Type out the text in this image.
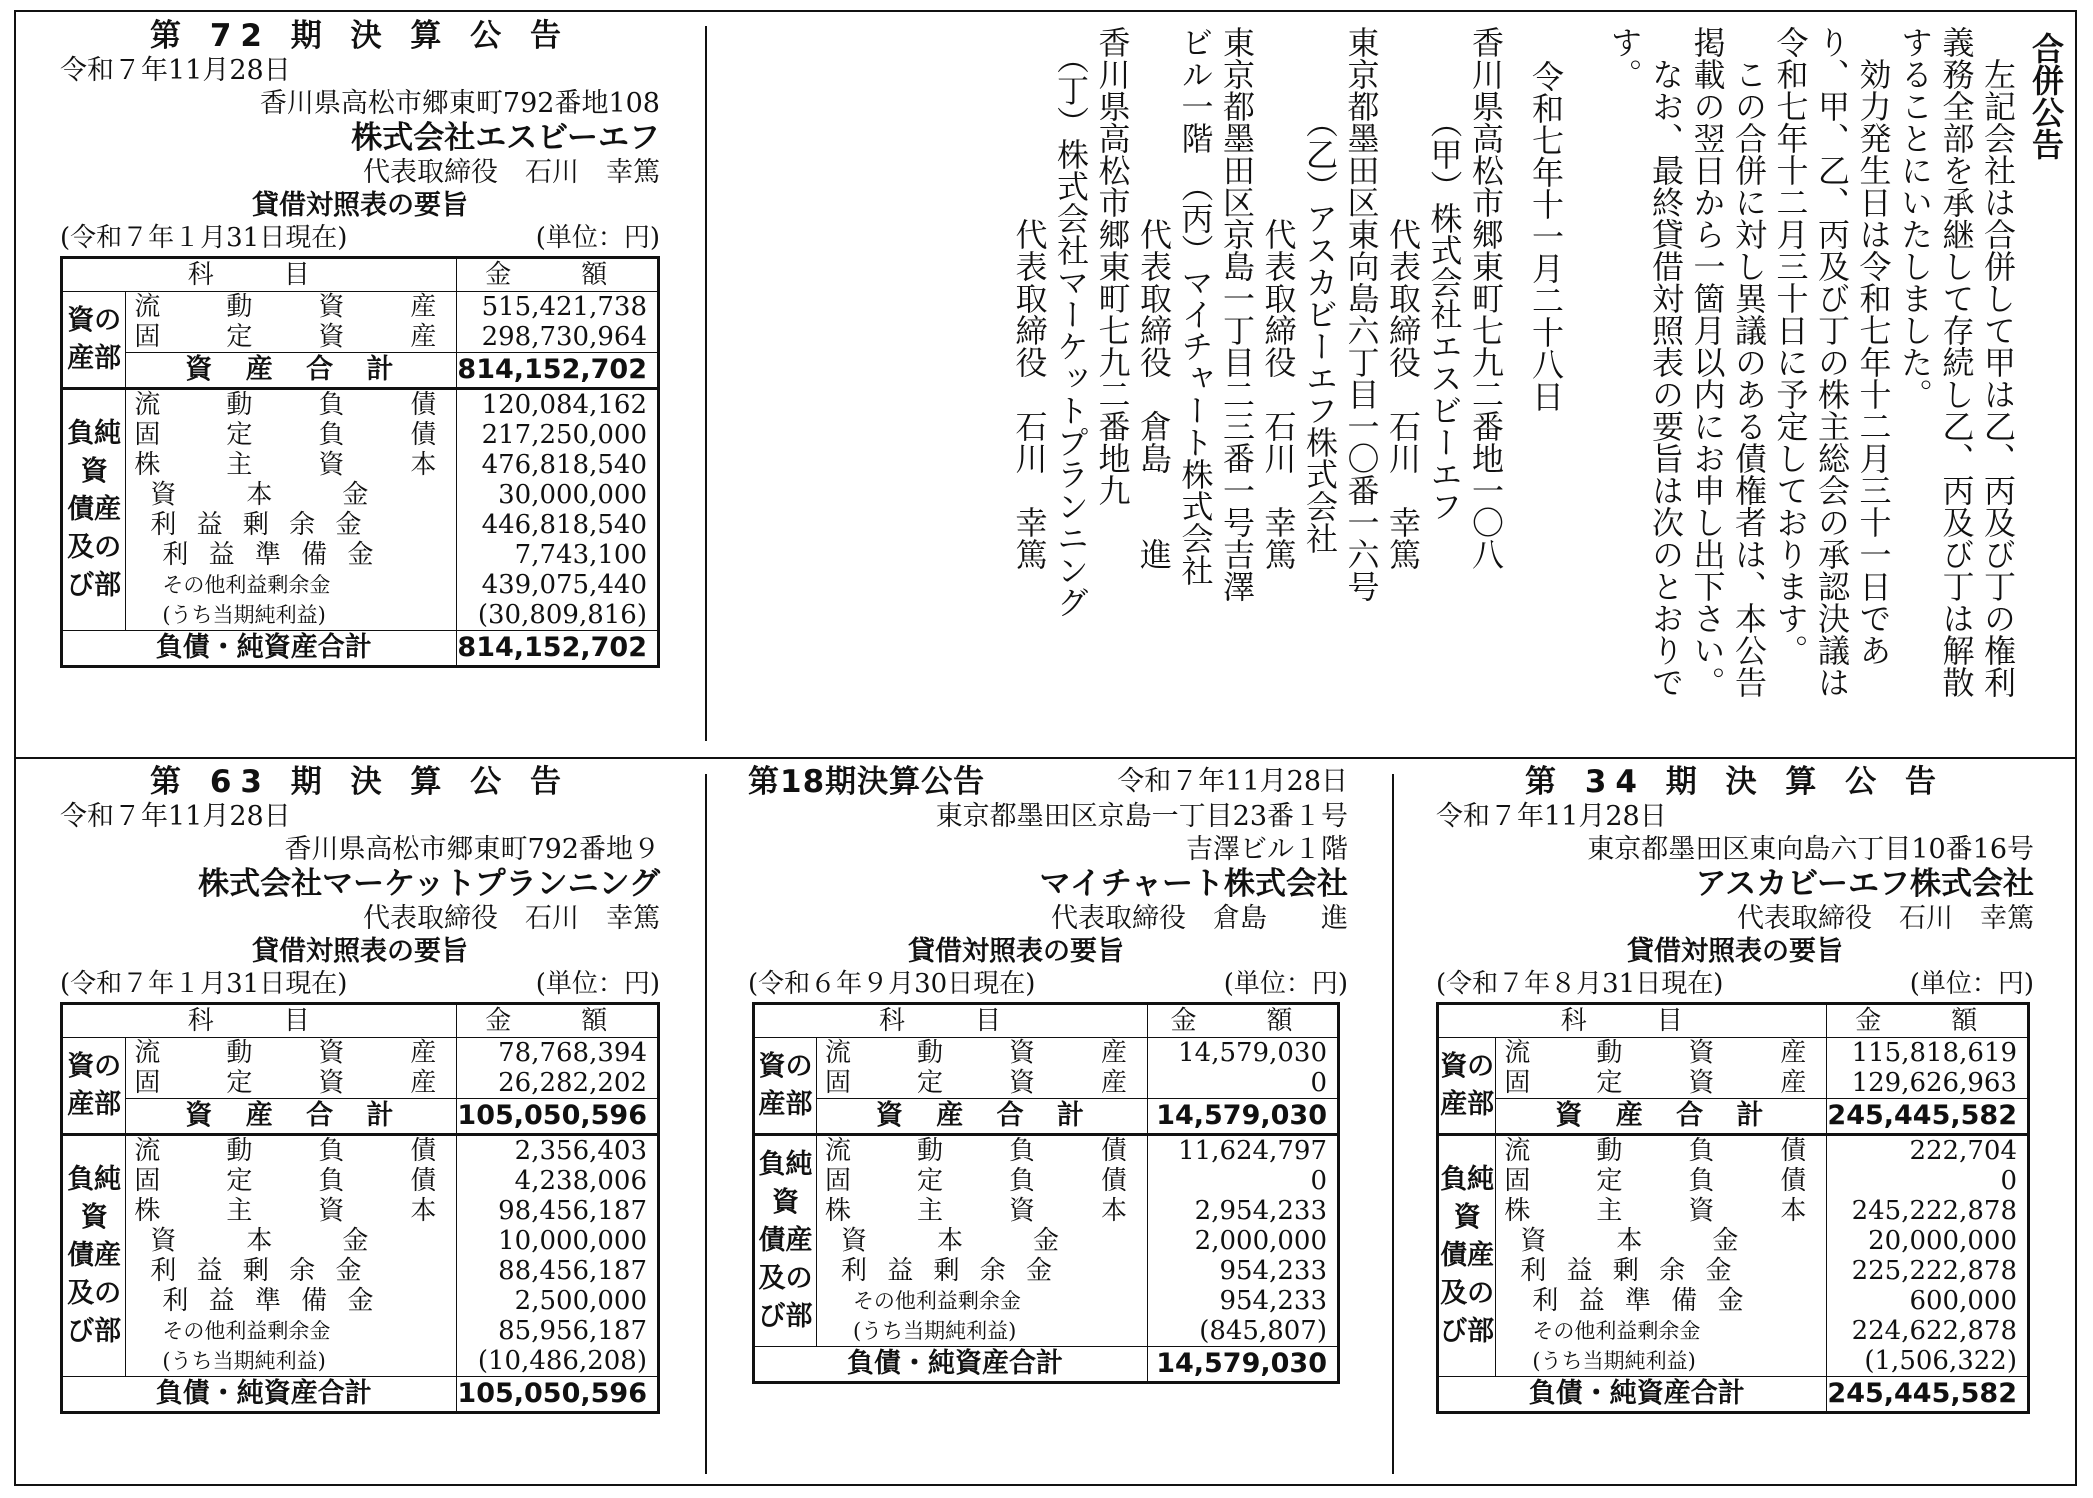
第 72 期 決 算 公 告
令和７年11月28日
香川県高松市郷東町792番地108
株式会社エスビーエフ
代表取締役　石川　幸篤
貸借対照表の要旨
(令和７年１月31日現在)	(単位：円)
科　目		金　額
資の
産部	流　動　資　産	515,421,738
	固　定　資　産	298,730,964
	資 産 合 計	814,152,702
負純
資
債産
及の
び部	流　動　負　債	120,084,162
	固　定　負　債	217,250,000
	株　主　資　本	476,818,540
	資　　本　　金	30,000,000
	利 益 剰 余 金	446,818,540
	利 益 準 備 金	7,743,100
	その他利益剰余金	439,075,440
	(うち当期純利益)	(30,809,816)
負債・純資産合計		814,152,702
合併公告
　左記会社は合併して甲は乙、丙及び丁の権利
義務全部を承継して存続し乙、丙及び丁は解散
することにいたしました。
　効力発生日は令和七年十二月三十一日であ
り、甲、乙、丙及び丁の株主総会の承認決議は
令和七年十二月三十日に予定しております。
　この合併に対し異議のある債権者は、本公告
掲載の翌日から一箇月以内にお申し出下さい。
　なお、最終貸借対照表の要旨は次のとおりで
す。
令和七年十一月二十八日
香川県高松市郷東町七九二番地一〇八
　　　（甲）株式会社エスビーエフ
　　　　　　代表取締役　石川　幸篤
東京都墨田区東向島六丁目一〇番一六号
　　　（乙）アスカビーエフ株式会社
　　　　　　代表取締役　石川　幸篤
東京都墨田区京島一丁目二三番一号吉澤
ビル一階　（丙）マイチャート株式会社
　　　　　　代表取締役　倉島　　進
香川県高松市郷東町七九二番地九
　（丁）株式会社マーケットプランニング
　　　　　　代表取締役　石川　幸篤
第 63 期 決 算 公 告
令和７年11月28日
香川県高松市郷東町792番地９
株式会社マーケットプランニング
代表取締役　石川　幸篤
貸借対照表の要旨
(令和７年１月31日現在)	(単位：円)
科　目		金　額
資の
産部	流　動　資　産	78,768,394
	固　定　資　産	26,282,202
	資 産 合 計	105,050,596
負純
資
債産
及の
び部	流　動　負　債	2,356,403
	固　定　負　債	4,238,006
	株　主　資　本	98,456,187
	資　　本　　金	10,000,000
	利 益 剰 余 金	88,456,187
	利 益 準 備 金	2,500,000
	その他利益剰余金	85,956,187
	(うち当期純利益)	(10,486,208)
負債・純資産合計		105,050,596
第18期決算公告	令和７年11月28日
東京都墨田区京島一丁目23番１号
吉澤ビル１階
マイチャート株式会社
代表取締役　倉島　　進
貸借対照表の要旨
(令和６年９月30日現在)	(単位：円)
科　目		金　額
資の
産部	流　動　資　産	14,579,030
	固　定　資　産	0
	資 産 合 計	14,579,030
負純
資
債産
及の
び部	流　動　負　債	11,624,797
	固　定　負　債	0
	株　主　資　本	2,954,233
	資　　本　　金	2,000,000
	利 益 剰 余 金	954,233
	その他利益剰余金	954,233
	(うち当期純利益)	(845,807)
負債・純資産合計		14,579,030
第 34 期 決 算 公 告
令和７年11月28日
東京都墨田区東向島六丁目10番16号
アスカビーエフ株式会社
代表取締役　石川　幸篤
貸借対照表の要旨
(令和７年８月31日現在)	(単位：円)
科　目		金　額
資の
産部	流　動　資　産	115,818,619
	固　定　資　産	129,626,963
	資 産 合 計	245,445,582
負純
資
債産
及の
び部	流　動　負　債	222,704
	固　定　負　債	0
	株　主　資　本	245,222,878
	資　　本　　金	20,000,000
	利 益 剰 余 金	225,222,878
	利 益 準 備 金	600,000
	その他利益剰余金	224,622,878
	(うち当期純利益)	(1,506,322)
負債・純資産合計		245,445,582
